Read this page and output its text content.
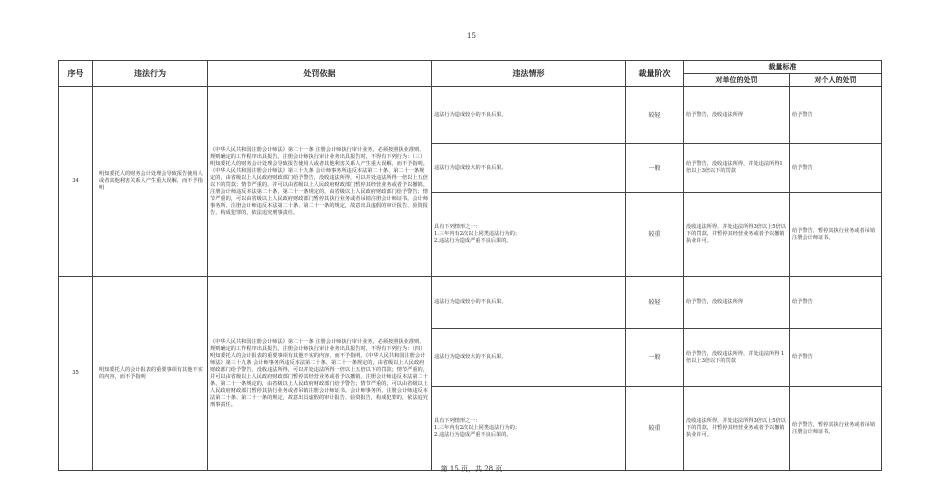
15
序号	违法行为	处罚依据	违法情形	裁量阶次	裁量标准	
					对单位的处罚	对个人的处罚
34	明知委托人的财务会计处理会导致报告使用人或者其他利害关系人产生重大误解，而不予指明	《中华人民共和国注册会计师法》第二十一条 注册会计师执行审计业务，必须按照执业准则、规则确定的工作程序出具报告。注册会计师执行审计业务出具报告时，不得有下列行为：（三）明知委托人的财务会计处理会导致报告使用人或者其他利害关系人产生重大误解，而不予指明。《中华人民共和国注册会计师法》第三十九条 会计师事务所违反本法第二十条、第二十一条规定的，由省级以上人民政府财政部门给予警告，没收违法所得，可以并处违法所得一倍以上五倍以下的罚款；情节严重的，并可以由省级以上人民政府财政部门暂停其经营业务或者予以撤销。注册会计师违反本法第二十条、第二十一条规定的，由省级以上人民政府财政部门给予警告；情节严重的，可以由省级以上人民政府财政部门暂停其执行业务或者吊销注册会计师证书。会计师事务所、注册会计师违反本法第二十条、第二十一条的规定，故意出具虚假的审计报告、验资报告，构成犯罪的，依法追究刑事责任。	违法行为造成较小的不良后果。	较轻	给予警告，没收违法所得	给予警告
			违法行为造成较大的不良后果。	一般	给予警告，没收违法所得，并处违法所得1倍以上3倍以下的罚款	给予警告
			具有下列情形之一：
1.三年内有2次以上同类违法行为的；
2.违法行为造成严重不良后果的。	较重	没收违法所得，并处违法所得3倍以上5倍以下的罚款，并暂停其经营业务或者予以撤销执业许可。	给予警告，暂停其执行业务或者吊销注册会计师证书。
35	明知委托人的会计报表的重要事项有其他不实的内容，而不予指明	《中华人民共和国注册会计师法》第二十一条 注册会计师执行审计业务，必须按照执业准则、规则确定的工作程序出具报告。注册会计师执行审计业务出具报告时，不得有下列行为：（四）明知委托人的会计报表的重要事项有其他不实的内容，而不予指明。《中华人民共和国注册会计师法》第三十九条 会计师事务所违反本法第二十条、第二十一条规定的，由省级以上人民政府财政部门给予警告，没收违法所得，可以并处违法所得一倍以上五倍以下的罚款；情节严重的，并可以由省级以上人民政府财政部门暂停其经营业务或者予以撤销。注册会计师违反本法第二十条、第二十一条规定的，由省级以上人民政府财政部门给予警告；情节严重的，可以由省级以上人民政府财政部门暂停其执行业务或者吊销注册会计师证书。会计师事务所、注册会计师违反本法第二十条、第二十一条的规定，故意出具虚假的审计报告、验资报告，构成犯罪的，依法追究刑事责任。	违法行为造成较小的不良后果。	较轻	给予警告，没收违法所得	给予警告
			违法行为造成较大的不良后果。	一般	给予警告，没收违法所得，并处违法所得 1倍以上3倍以下的罚款	给予警告
			具有下列情形之一：
1.三年内有2次以上同类违法行为的；
2.违法行为造成严重不良后果的。	较重	没收违法所得，并处违法所得3倍以上5倍以下的罚款，并暂停其经营业务或者予以撤销执业许可。	给予警告，暂停其执行业务或者吊销注册会计师证书。
第 15 页，共 28 页
